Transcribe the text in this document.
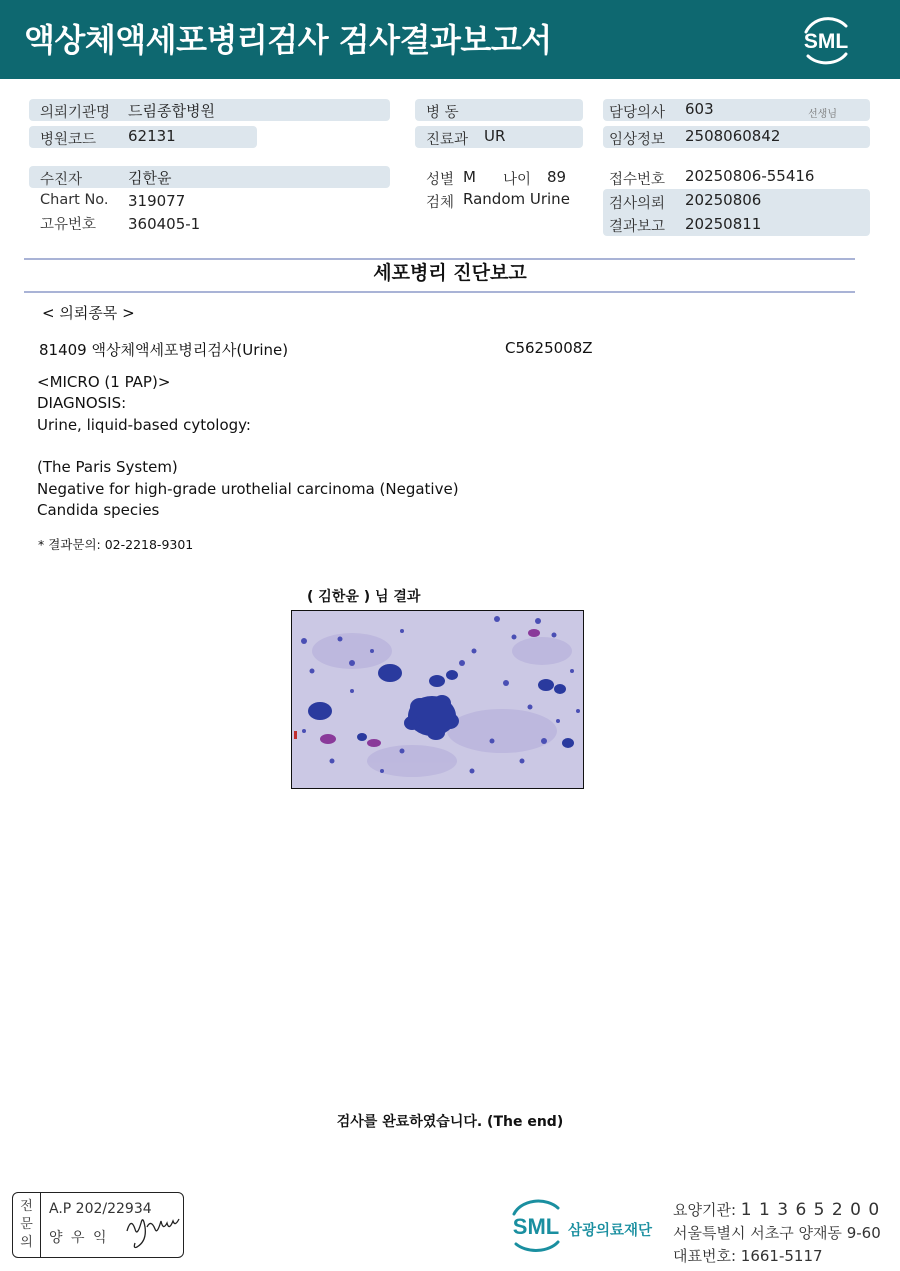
액상체액세포병리검사 검사결과보고서	SML
의뢰기관명 드림종합병원
병원코드 62131
수진자	김한윤
Chart No. 319077
고유번호 360405-1
병 동
진료과 UR
성별 M 나이 89
검체 Random Urine
담당의사 603	선생님
임상정보 2508060842
접수번호 20250806-55416
검사의뢰 20250806
결과보고 20250811
세포병리 진단보고
< 의뢰종목 >
81409 액상체액세포병리검사(Urine)	C5625008Z
<MICRO (1 PAP)>
DIAGNOSIS:
Urine, liquid-based cytology:
(The Paris System)
Negative for high-grade urothelial carcinoma (Negative)
Candida species
* 결과문의: 02-2218-9301
( 김한윤 ) 님 결과
검사를 완료하였습니다. (The end)
전
문
의
A.P 202/22934
양 우 익	SML 삼광의료재단
요양기관: 1 1 3 6 5 2 0 0
서울특별시 서초구 양재동 9-60
대표번호: 1661-5117
